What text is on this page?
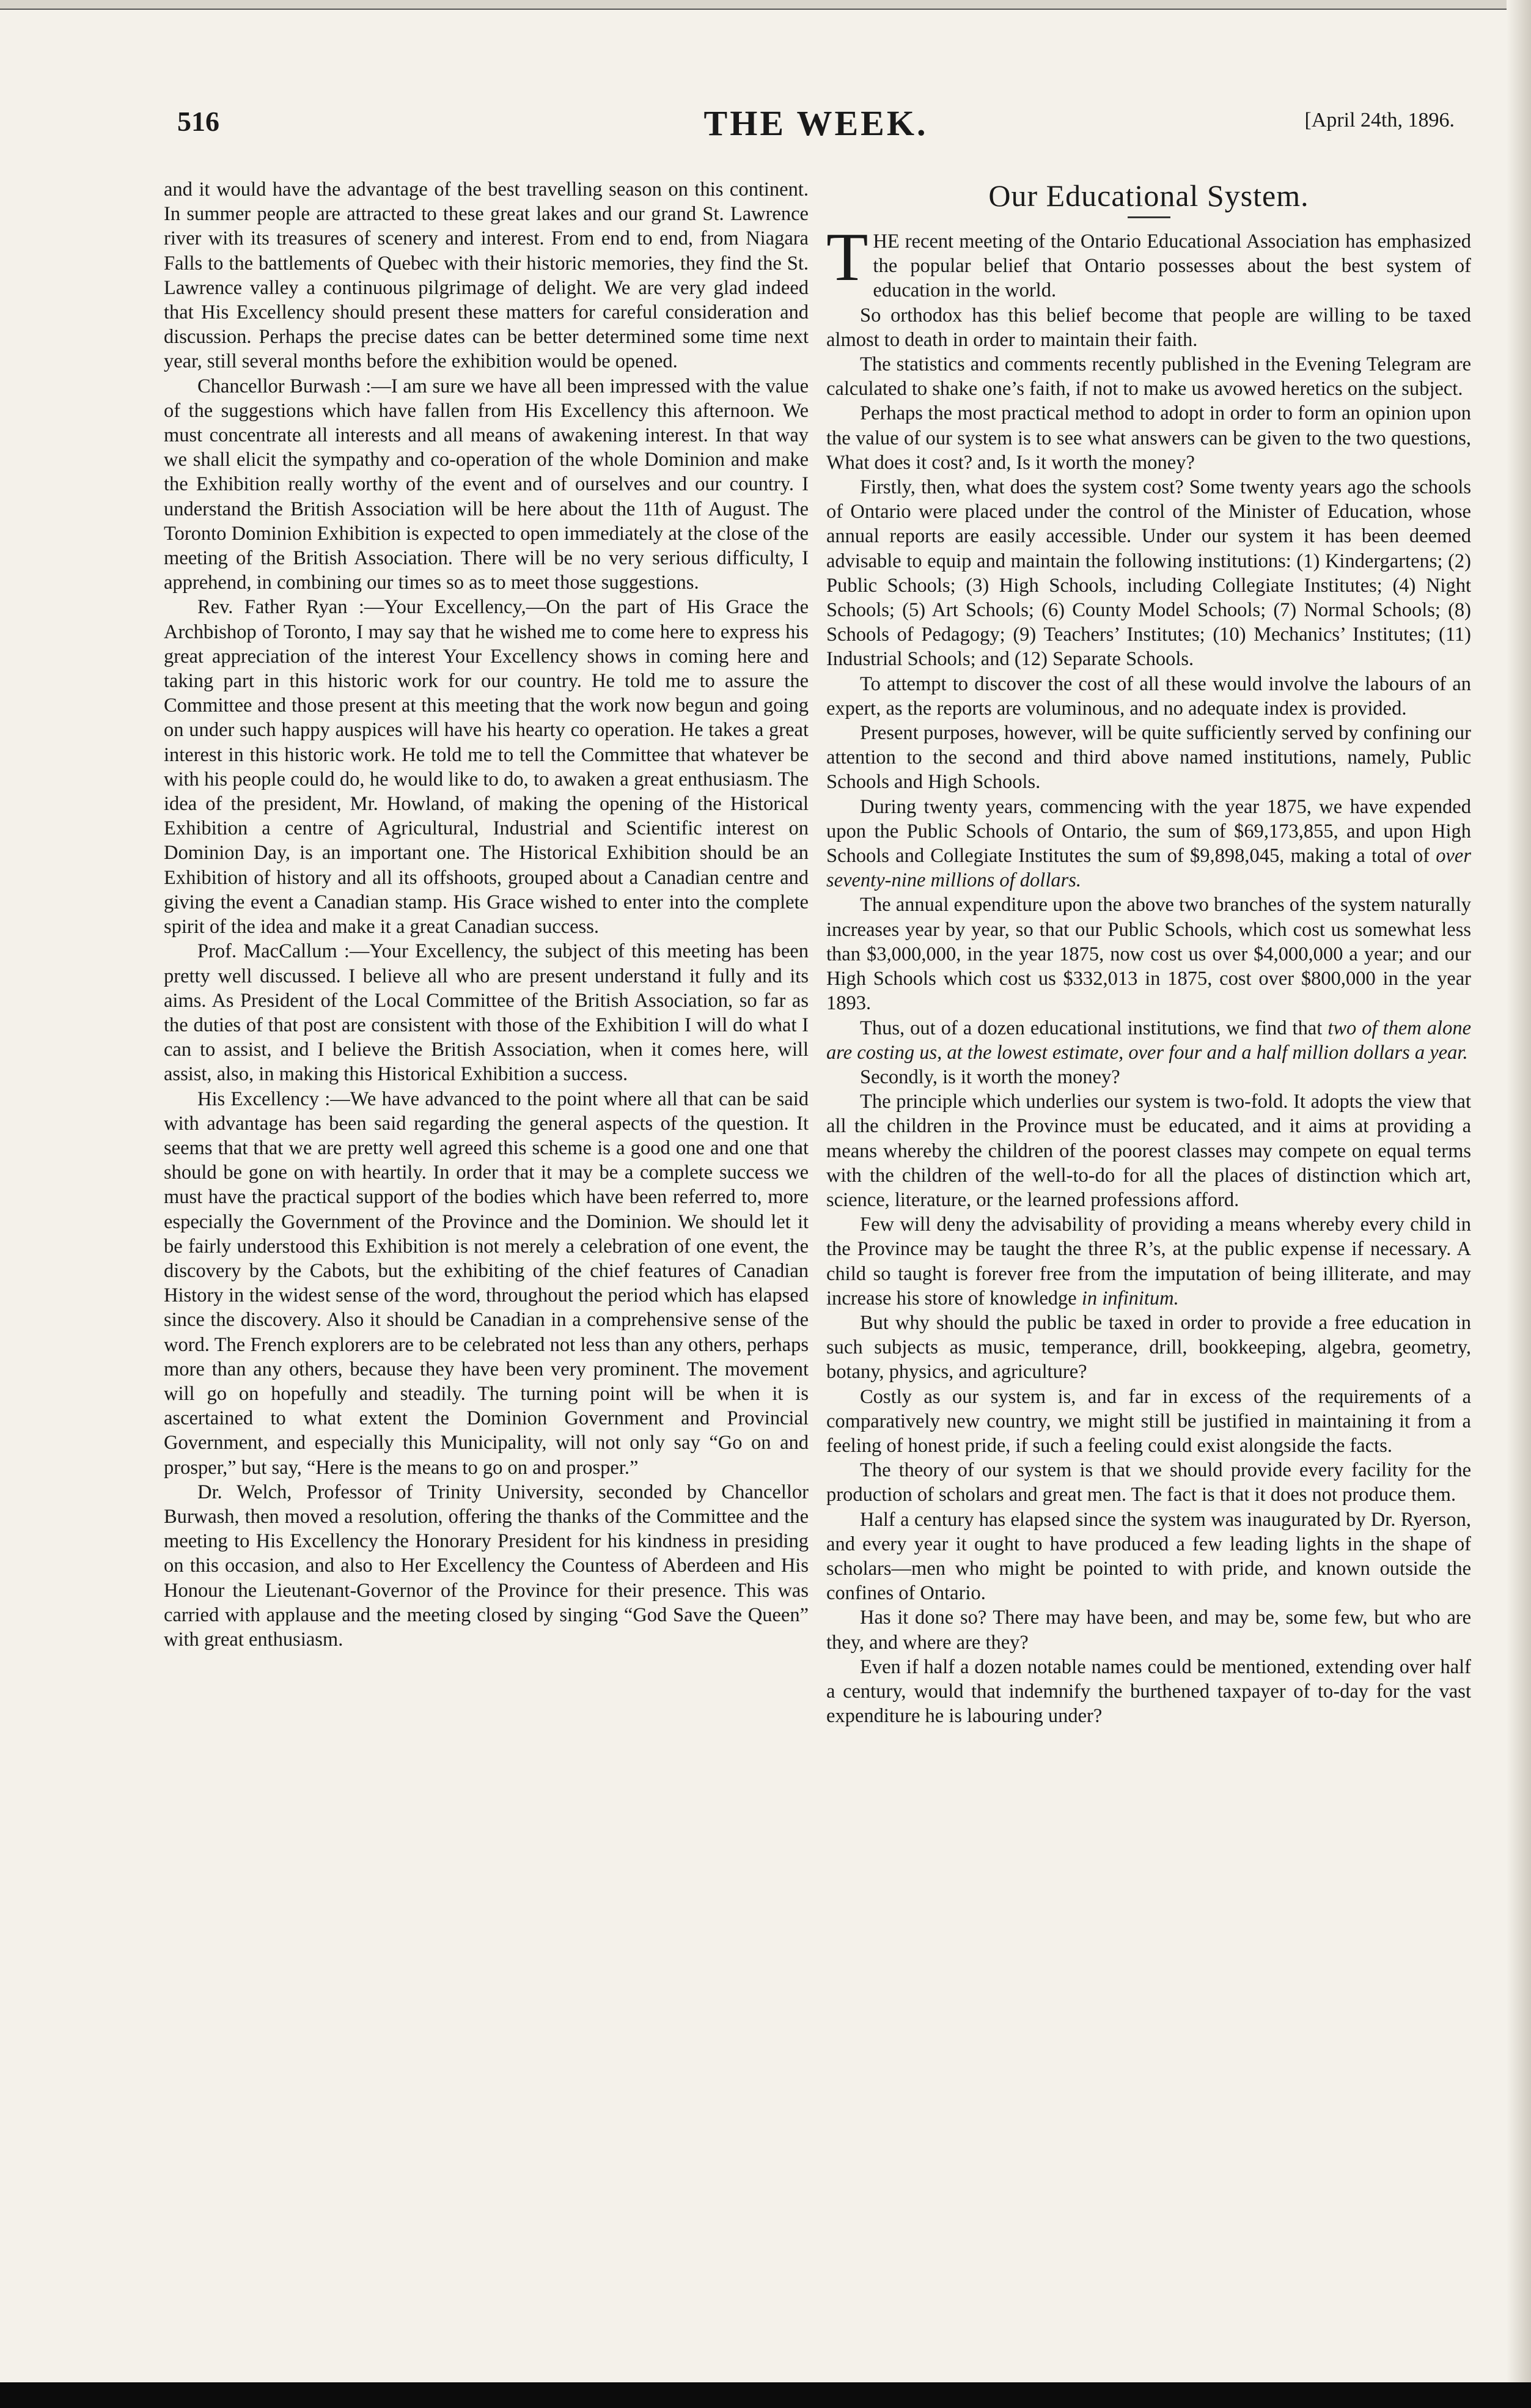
516	THE WEEK.	[April 24th, 1896.

and it would have the advantage of the best travelling season on this continent. In summer people are attracted to these great lakes and our grand St. Lawrence river with its treasures of scenery and interest. From end to end, from Niagara Falls to the battlements of Quebec with their historic memories, they find the St. Lawrence valley a continuous pilgrimage of delight. We are very glad indeed that His Excellency should present these matters for careful consideration and discussion. Perhaps the precise dates can be better determined some time next year, still several months before the exhibition would be opened.

Chancellor Burwash :—I am sure we have all been impressed with the value of the suggestions which have fallen from His Excellency this afternoon. We must concentrate all interests and all means of awakening interest. In that way we shall elicit the sympathy and co-operation of the whole Dominion and make the Exhibition really worthy of the event and of ourselves and our country. I understand the British Association will be here about the 11th of August. The Toronto Dominion Exhibition is expected to open immediately at the close of the meeting of the British Association. There will be no very serious difficulty, I apprehend, in combining our times so as to meet those suggestions.

Rev. Father Ryan :—Your Excellency,—On the part of His Grace the Archbishop of Toronto, I may say that he wished me to come here to express his great appreciation of the interest Your Excellency shows in coming here and taking part in this historic work for our country. He told me to assure the Committee and those present at this meeting that the work now begun and going on under such happy auspices will have his hearty co operation. He takes a great interest in this historic work. He told me to tell the Committee that whatever be with his people could do, he would like to do, to awaken a great enthusiasm. The idea of the president, Mr. Howland, of making the opening of the Historical Exhibition a centre of Agricultural, Industrial and Scientific interest on Dominion Day, is an important one. The Historical Exhibition should be an Exhibition of history and all its offshoots, grouped about a Canadian centre and giving the event a Canadian stamp. His Grace wished to enter into the complete spirit of the idea and make it a great Canadian success.

Prof. MacCallum :—Your Excellency, the subject of this meeting has been pretty well discussed. I believe all who are present understand it fully and its aims. As President of the Local Committee of the British Association, so far as the duties of that post are consistent with those of the Exhibition I will do what I can to assist, and I believe the British Association, when it comes here, will assist, also, in making this Historical Exhibition a success.

His Excellency :—We have advanced to the point where all that can be said with advantage has been said regarding the general aspects of the question. It seems that that we are pretty well agreed this scheme is a good one and one that should be gone on with heartily. In order that it may be a complete success we must have the practical support of the bodies which have been referred to, more especially the Government of the Province and the Dominion. We should let it be fairly understood this Exhibition is not merely a celebration of one event, the discovery by the Cabots, but the exhibiting of the chief features of Canadian History in the widest sense of the word, throughout the period which has elapsed since the discovery. Also it should be Canadian in a comprehensive sense of the word. The French explorers are to be celebrated not less than any others, perhaps more than any others, because they have been very prominent. The movement will go on hopefully and steadily. The turning point will be when it is ascertained to what extent the Dominion Government and Provincial Government, and especially this Municipality, will not only say “Go on and prosper,” but say, “Here is the means to go on and prosper.”

Dr. Welch, Professor of Trinity University, seconded by Chancellor Burwash, then moved a resolution, offering the thanks of the Committee and the meeting to His Excellency the Honorary President for his kindness in presiding on this occasion, and also to Her Excellency the Countess of Aberdeen and His Honour the Lieutenant-Governor of the Province for their presence. This was carried with applause and the meeting closed by singing “God Save the Queen” with great enthusiasm.

Our Educational System.

THE recent meeting of the Ontario Educational Association has emphasized the popular belief that Ontario possesses about the best system of education in the world.

So orthodox has this belief become that people are willing to be taxed almost to death in order to maintain their faith.

The statistics and comments recently published in the Evening Telegram are calculated to shake one’s faith, if not to make us avowed heretics on the subject.

Perhaps the most practical method to adopt in order to form an opinion upon the value of our system is to see what answers can be given to the two questions, What does it cost? and, Is it worth the money?

Firstly, then, what does the system cost? Some twenty years ago the schools of Ontario were placed under the control of the Minister of Education, whose annual reports are easily accessible. Under our system it has been deemed advisable to equip and maintain the following institutions: (1) Kindergartens; (2) Public Schools; (3) High Schools, including Collegiate Institutes; (4) Night Schools; (5) Art Schools; (6) County Model Schools; (7) Normal Schools; (8) Schools of Pedagogy; (9) Teachers’ Institutes; (10) Mechanics’ Institutes; (11) Industrial Schools; and (12) Separate Schools.

To attempt to discover the cost of all these would involve the labours of an expert, as the reports are voluminous, and no adequate index is provided.

Present purposes, however, will be quite sufficiently served by confining our attention to the second and third above named institutions, namely, Public Schools and High Schools.

During twenty years, commencing with the year 1875, we have expended upon the Public Schools of Ontario, the sum of $69,173,855, and upon High Schools and Collegiate Institutes the sum of $9,898,045, making a total of over seventy-nine millions of dollars.

The annual expenditure upon the above two branches of the system naturally increases year by year, so that our Public Schools, which cost us somewhat less than $3,000,000, in the year 1875, now cost us over $4,000,000 a year; and our High Schools which cost us $332,013 in 1875, cost over $800,000 in the year 1893.

Thus, out of a dozen educational institutions, we find that two of them alone are costing us, at the lowest estimate, over four and a half million dollars a year.

Secondly, is it worth the money?

The principle which underlies our system is two-fold. It adopts the view that all the children in the Province must be educated, and it aims at providing a means whereby the children of the poorest classes may compete on equal terms with the children of the well-to-do for all the places of distinction which art, science, literature, or the learned professions afford.

Few will deny the advisability of providing a means whereby every child in the Province may be taught the three R’s, at the public expense if necessary. A child so taught is forever free from the imputation of being illiterate, and may increase his store of knowledge in infinitum.

But why should the public be taxed in order to provide a free education in such subjects as music, temperance, drill, bookkeeping, algebra, geometry, botany, physics, and agriculture?

Costly as our system is, and far in excess of the requirements of a comparatively new country, we might still be justified in maintaining it from a feeling of honest pride, if such a feeling could exist alongside the facts.

The theory of our system is that we should provide every facility for the production of scholars and great men. The fact is that it does not produce them.

Half a century has elapsed since the system was inaugurated by Dr. Ryerson, and every year it ought to have produced a few leading lights in the shape of scholars—men who might be pointed to with pride, and known outside the confines of Ontario.

Has it done so? There may have been, and may be, some few, but who are they, and where are they?

Even if half a dozen notable names could be mentioned, extending over half a century, would that indemnify the burthened taxpayer of to-day for the vast expenditure he is labouring under?
